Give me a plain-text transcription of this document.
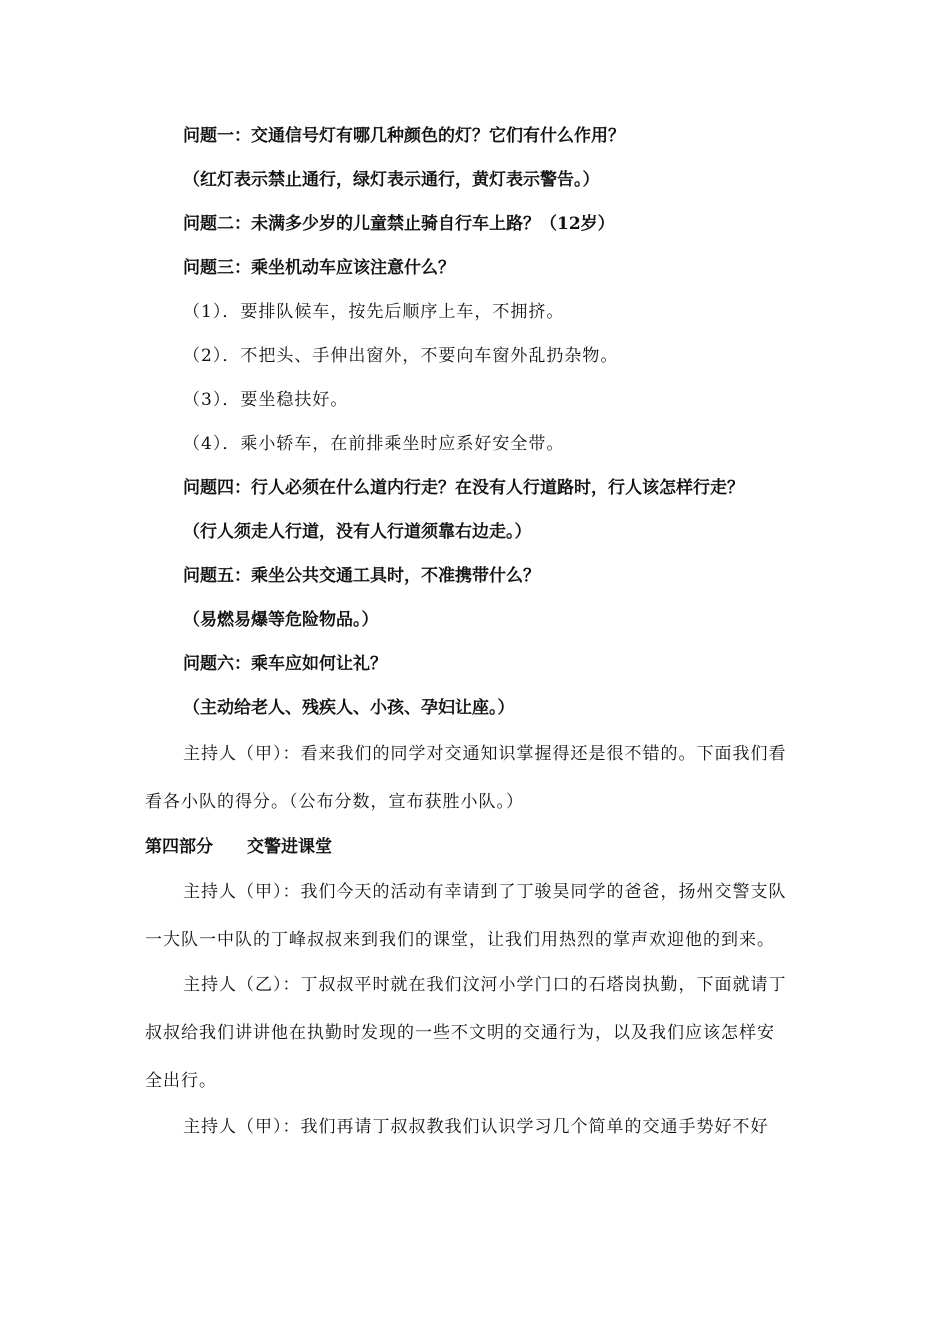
问题一：交通信号灯有哪几种颜色的灯？它们有什么作用？
（红灯表示禁止通行，绿灯表示通行，黄灯表示警告。）
问题二：未满多少岁的儿童禁止骑自行车上路？（12岁）
问题三：乘坐机动车应该注意什么？
（1）．要排队候车，按先后顺序上车，不拥挤。
（2）．不把头、手伸出窗外，不要向车窗外乱扔杂物。
（3）．要坐稳扶好。
（4）．乘小轿车，在前排乘坐时应系好安全带。
问题四：行人必须在什么道内行走？在没有人行道路时，行人该怎样行走？
（行人须走人行道，没有人行道须靠右边走。）
问题五：乘坐公共交通工具时，不准携带什么？
（易燃易爆等危险物品。）
问题六：乘车应如何让礼？
（主动给老人、残疾人、小孩、孕妇让座。）
主持人（甲）：看来我们的同学对交通知识掌握得还是很不错的。下面我们看
看各小队的得分。（公布分数，宣布获胜小队。）
第四部分　　交警进课堂
主持人（甲）：我们今天的活动有幸请到了丁骏昊同学的爸爸，扬州交警支队
一大队一中队的丁峰叔叔来到我们的课堂，让我们用热烈的掌声欢迎他的到来。
主持人（乙）：丁叔叔平时就在我们汶河小学门口的石塔岗执勤，下面就请丁
叔叔给我们讲讲他在执勤时发现的一些不文明的交通行为，以及我们应该怎样安
全出行。
主持人（甲）：我们再请丁叔叔教我们认识学习几个简单的交通手势好不好
